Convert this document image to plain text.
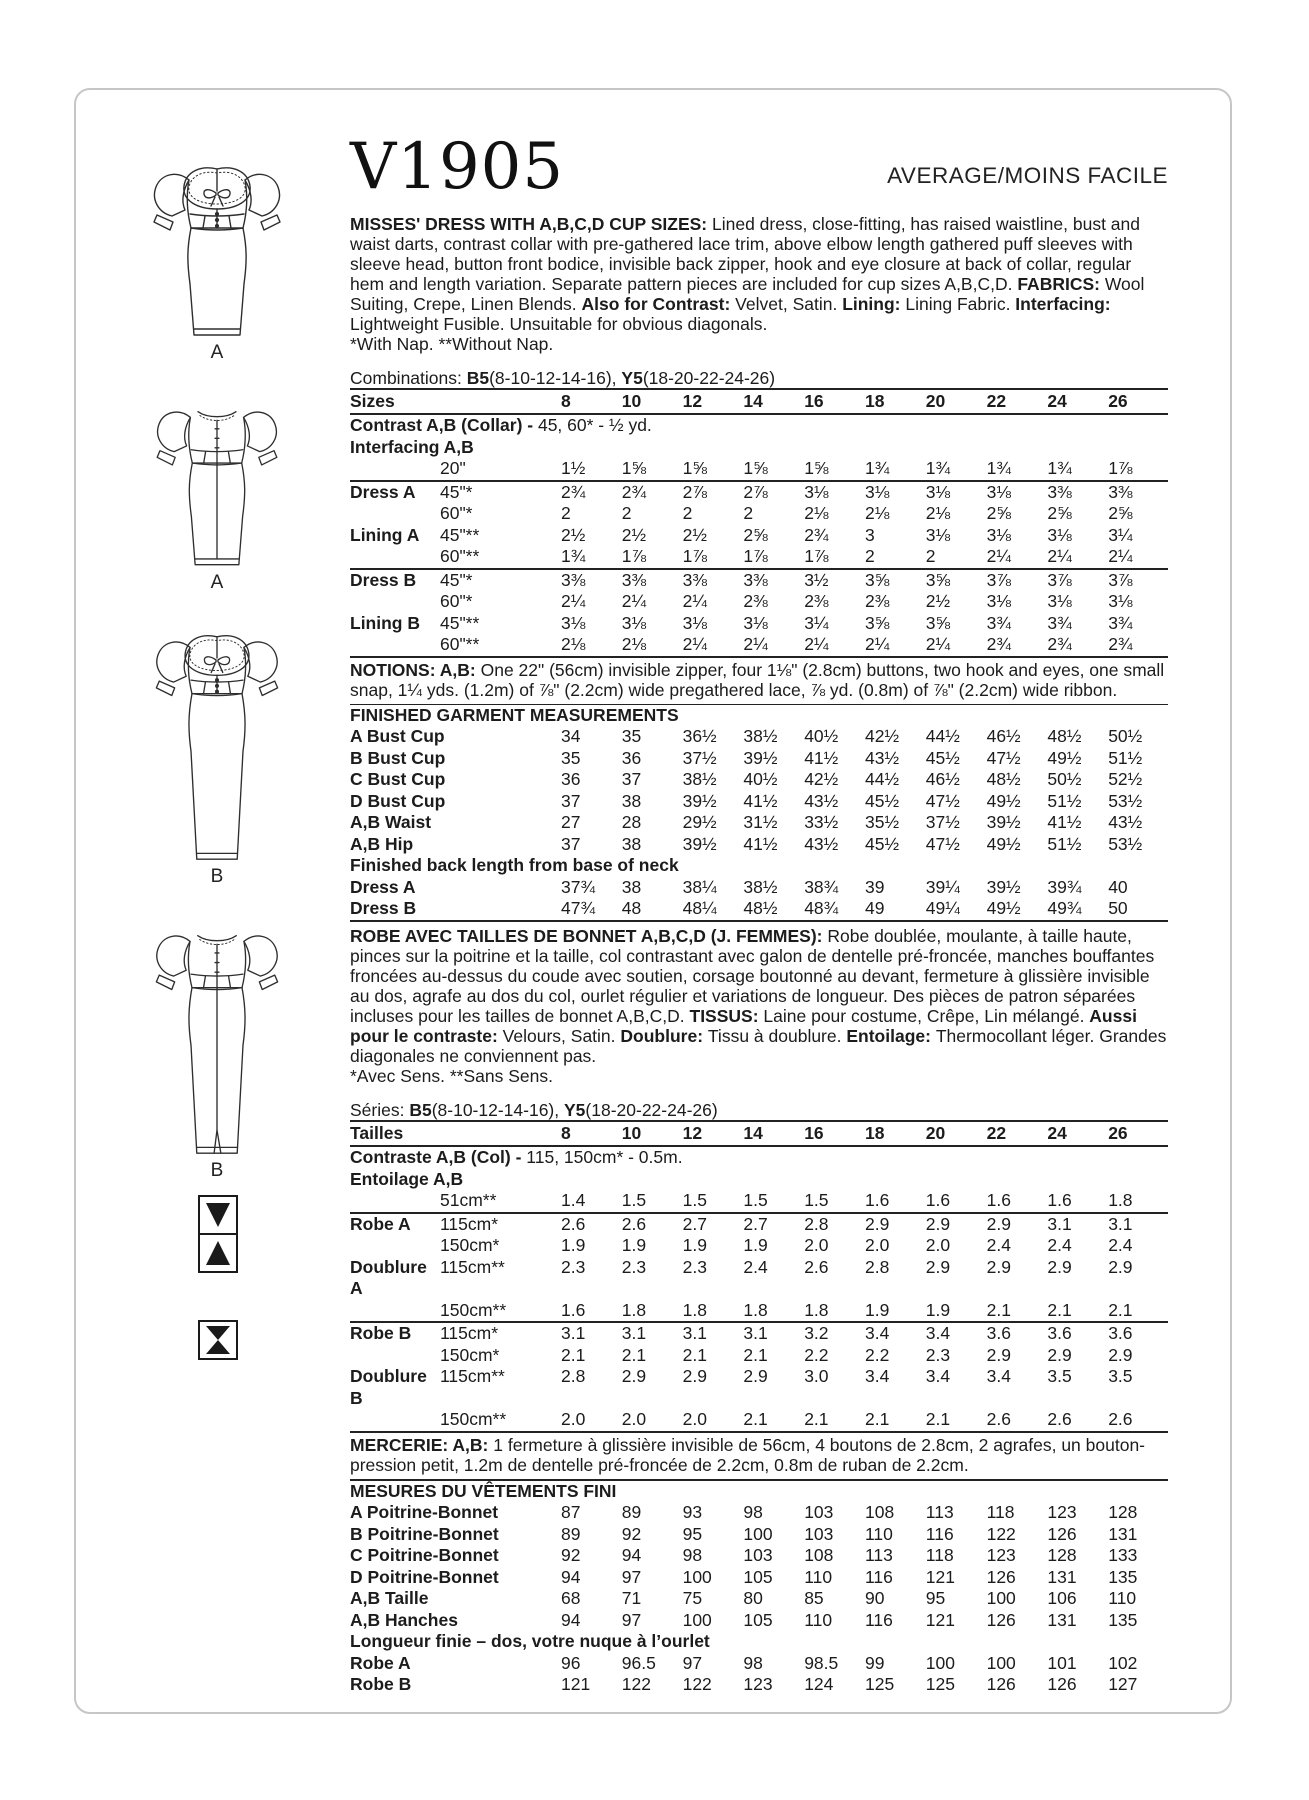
A
A
B
B
V1905	AVERAGE/MOINS FACILE
MISSES' DRESS WITH A,B,C,D CUP SIZES: Lined dress, close-fitting, has raised waistline, bust and waist darts, contrast collar with pre-gathered lace trim, above elbow length gathered puff sleeves with sleeve head, button front bodice, invisible back zipper, hook and eye closure at back of collar, regular hem and length variation. Separate pattern pieces are included for cup sizes A,B,C,D. FABRICS: Wool Suiting, Crepe, Linen Blends. Also for Contrast: Velvet, Satin. Lining: Lining Fabric. Interfacing: Lightweight Fusible. Unsuitable for obvious diagonals.
*With Nap. **Without Nap.
Combinations: B5(8-10-12-14-16), Y5(18-20-22-24-26)
Sizes	8	10	12	14	16	18	20	22	24	26
Contrast A,B (Collar) - 45, 60* - ½ yd.
Interfacing A,B
20"	1½	1⅝	1⅝	1⅝	1⅝	1¾	1¾	1¾	1¾	1⅞
Dress A	45"*	2¾	2¾	2⅞	2⅞	3⅛	3⅛	3⅛	3⅛	3⅜	3⅜
60"*	2	2	2	2	2⅛	2⅛	2⅛	2⅝	2⅝	2⅝
Lining A	45"**	2½	2½	2½	2⅝	2¾	3	3⅛	3⅛	3⅛	3¼
60"**	1¾	1⅞	1⅞	1⅞	1⅞	2	2	2¼	2¼	2¼
Dress B	45"*	3⅜	3⅜	3⅜	3⅜	3½	3⅝	3⅝	3⅞	3⅞	3⅞
60"*	2¼	2¼	2¼	2⅜	2⅜	2⅜	2½	3⅛	3⅛	3⅛
Lining B	45"**	3⅛	3⅛	3⅛	3⅛	3¼	3⅝	3⅝	3¾	3¾	3¾
60"**	2⅛	2⅛	2¼	2¼	2¼	2¼	2¼	2¾	2¾	2¾
NOTIONS: A,B: One 22" (56cm) invisible zipper, four 1⅛" (2.8cm) buttons, two hook and eyes, one small snap, 1¼ yds. (1.2m) of ⅞" (2.2cm) wide pregathered lace, ⅞ yd. (0.8m) of ⅞" (2.2cm) wide ribbon.
FINISHED GARMENT MEASUREMENTS
A Bust Cup	34	35	36½	38½	40½	42½	44½	46½	48½	50½
B Bust Cup	35	36	37½	39½	41½	43½	45½	47½	49½	51½
C Bust Cup	36	37	38½	40½	42½	44½	46½	48½	50½	52½
D Bust Cup	37	38	39½	41½	43½	45½	47½	49½	51½	53½
A,B Waist	27	28	29½	31½	33½	35½	37½	39½	41½	43½
A,B Hip	37	38	39½	41½	43½	45½	47½	49½	51½	53½
Finished back length from base of neck
Dress A	37¾	38	38¼	38½	38¾	39	39¼	39½	39¾	40
Dress B	47¾	48	48¼	48½	48¾	49	49¼	49½	49¾	50
ROBE AVEC TAILLES DE BONNET A,B,C,D (J. FEMMES): Robe doublée, moulante, à taille haute, pinces sur la poitrine et la taille, col contrastant avec galon de dentelle pré-froncée, manches bouffantes froncées au-dessus du coude avec soutien, corsage boutonné au devant, fermeture à glissière invisible au dos, agrafe au dos du col, ourlet régulier et variations de longueur. Des pièces de patron séparées incluses pour les tailles de bonnet A,B,C,D. TISSUS: Laine pour costume, Crêpe, Lin mélangé. Aussi pour le contraste: Velours, Satin. Doublure: Tissu à doublure. Entoilage: Thermocollant léger. Grandes diagonales ne conviennent pas.
*Avec Sens. **Sans Sens.
Séries: B5(8-10-12-14-16), Y5(18-20-22-24-26)
Tailles	8	10	12	14	16	18	20	22	24	26
Contraste A,B (Col) - 115, 150cm* - 0.5m.
Entoilage A,B
51cm**	1.4	1.5	1.5	1.5	1.5	1.6	1.6	1.6	1.6	1.8
Robe A	115cm*	2.6	2.6	2.7	2.7	2.8	2.9	2.9	2.9	3.1	3.1
150cm*	1.9	1.9	1.9	1.9	2.0	2.0	2.0	2.4	2.4	2.4
Doublure A
115cm**	2.3	2.3	2.3	2.4	2.6	2.8	2.9	2.9	2.9	2.9
150cm**	1.6	1.8	1.8	1.8	1.8	1.9	1.9	2.1	2.1	2.1
Robe B	115cm*	3.1	3.1	3.1	3.1	3.2	3.4	3.4	3.6	3.6	3.6
150cm*	2.1	2.1	2.1	2.1	2.2	2.2	2.3	2.9	2.9	2.9
Doublure B
115cm**	2.8	2.9	2.9	2.9	3.0	3.4	3.4	3.4	3.5	3.5
150cm**	2.0	2.0	2.0	2.1	2.1	2.1	2.1	2.6	2.6	2.6
MERCERIE: A,B: 1 fermeture à glissière invisible de 56cm, 4 boutons de 2.8cm, 2 agrafes, un bouton-pression petit, 1.2m de dentelle pré-froncée de 2.2cm, 0.8m de ruban de 2.2cm.
MESURES DU VÊTEMENTS FINI
A Poitrine-Bonnet	87	89	93	98	103	108	113	118	123	128
B Poitrine-Bonnet	89	92	95	100	103	110	116	122	126	131
C Poitrine-Bonnet	92	94	98	103	108	113	118	123	128	133
D Poitrine-Bonnet	94	97	100	105	110	116	121	126	131	135
A,B Taille	68	71	75	80	85	90	95	100	106	110
A,B Hanches	94	97	100	105	110	116	121	126	131	135
Longueur finie – dos, votre nuque à l’ourlet
Robe A	96	96.5	97	98	98.5	99	100	100	101	102
Robe B	121	122	122	123	124	125	125	126	126	127
